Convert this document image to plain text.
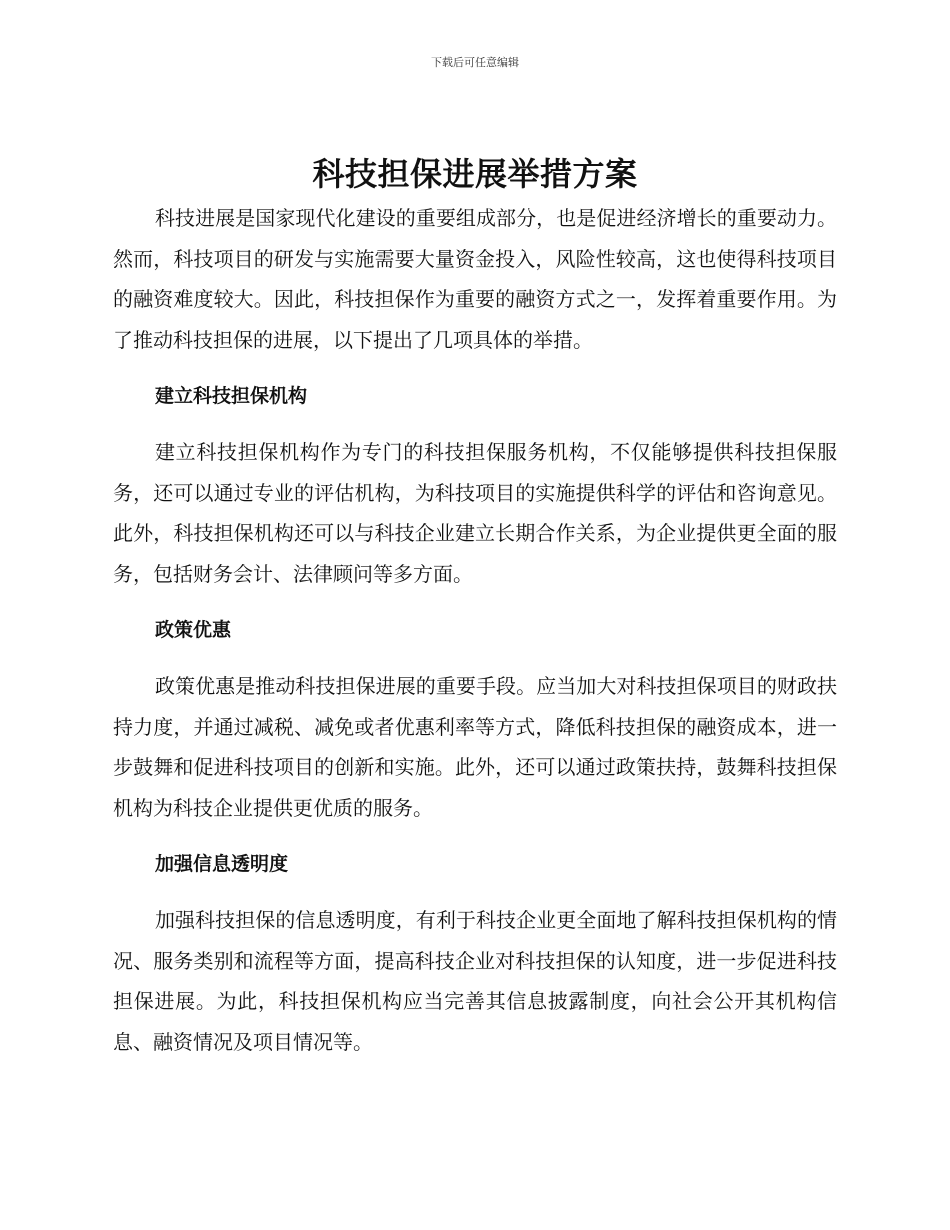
下载后可任意编辑
科技担保进展举措方案

科技进展是国家现代化建设的重要组成部分，也是促进经济增长的重要动力。然而，科技项目的研发与实施需要大量资金投入，风险性较高，这也使得科技项目的融资难度较大。因此，科技担保作为重要的融资方式之一，发挥着重要作用。为了推动科技担保的进展，以下提出了几项具体的举措。

建立科技担保机构

建立科技担保机构作为专门的科技担保服务机构，不仅能够提供科技担保服务，还可以通过专业的评估机构，为科技项目的实施提供科学的评估和咨询意见。此外，科技担保机构还可以与科技企业建立长期合作关系，为企业提供更全面的服务，包括财务会计、法律顾问等多方面。

政策优惠

政策优惠是推动科技担保进展的重要手段。应当加大对科技担保项目的财政扶持力度，并通过减税、减免或者优惠利率等方式，降低科技担保的融资成本，进一步鼓舞和促进科技项目的创新和实施。此外，还可以通过政策扶持，鼓舞科技担保机构为科技企业提供更优质的服务。

加强信息透明度

加强科技担保的信息透明度，有利于科技企业更全面地了解科技担保机构的情况、服务类别和流程等方面，提高科技企业对科技担保的认知度，进一步促进科技担保进展。为此，科技担保机构应当完善其信息披露制度，向社会公开其机构信息、融资情况及项目情况等。
